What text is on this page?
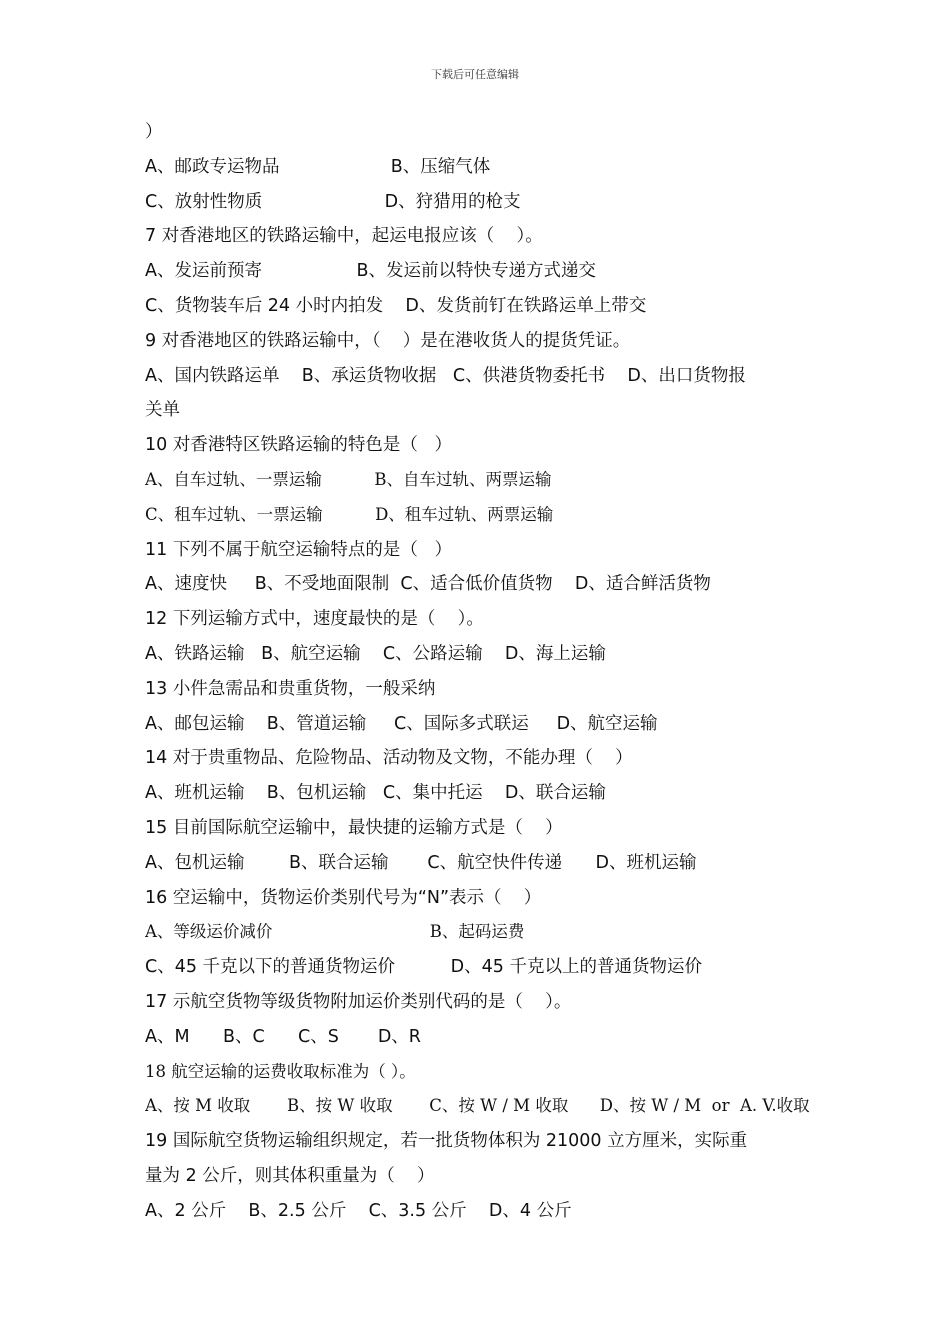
下载后可任意编辑
）
A、邮政专运物品                    B、压缩气体
C、放射性物质                      D、狩猎用的枪支
7 对香港地区的铁路运输中，起运电报应该（    ）。
A、发运前预寄                 B、发运前以特快专递方式递交
C、货物装车后 24 小时内拍发    D、发货前钉在铁路运单上带交
9 对香港地区的铁路运输中，（    ）是在港收货人的提货凭证。
A、国内铁路运单    B、承运货物收据   C、供港货物委托书    D、出口货物报
关单
10 对香港特区铁路运输的特色是（   ）
A、自车过轨、一票运输          B、自车过轨、两票运输
C、租车过轨、一票运输          D、租车过轨、两票运输
11 下列不属于航空运输特点的是（   ）
A、速度快     B、不受地面限制  C、适合低价值货物    D、适合鲜活货物
12 下列运输方式中，速度最快的是（    ）。
A、铁路运输   B、航空运输    C、公路运输    D、海上运输
13 小件急需品和贵重货物，一般采纳
A、邮包运输    B、管道运输     C、国际多式联运     D、航空运输
14 对于贵重物品、危险物品、活动物及文物，不能办理（    ）
A、班机运输    B、包机运输   C、集中托运    D、联合运输
15 目前国际航空运输中，最快捷的运输方式是（    ）
A、包机运输        B、联合运输       C、航空快件传递      D、班机运输
16 空运输中，货物运价类别代号为“N”表示（    ）
A、等级运价减价                              B、起码运费
C、45 千克以下的普通货物运价          D、45 千克以上的普通货物运价
17 示航空货物等级货物附加运价类别代码的是（    ）。
A、M      B、C      C、S       D、R
18 航空运输的运费收取标准为（ ）。
A、按 M 收取       B、按 W 收取       C、按 W / M 收取      D、按 W / M  or  A. V.收取
19 国际航空货物运输组织规定，若一批货物体积为 21000 立方厘米，实际重
量为 2 公斤，则其体积重量为（    ）
A、2 公斤    B、2.5 公斤    C、3.5 公斤    D、4 公斤
